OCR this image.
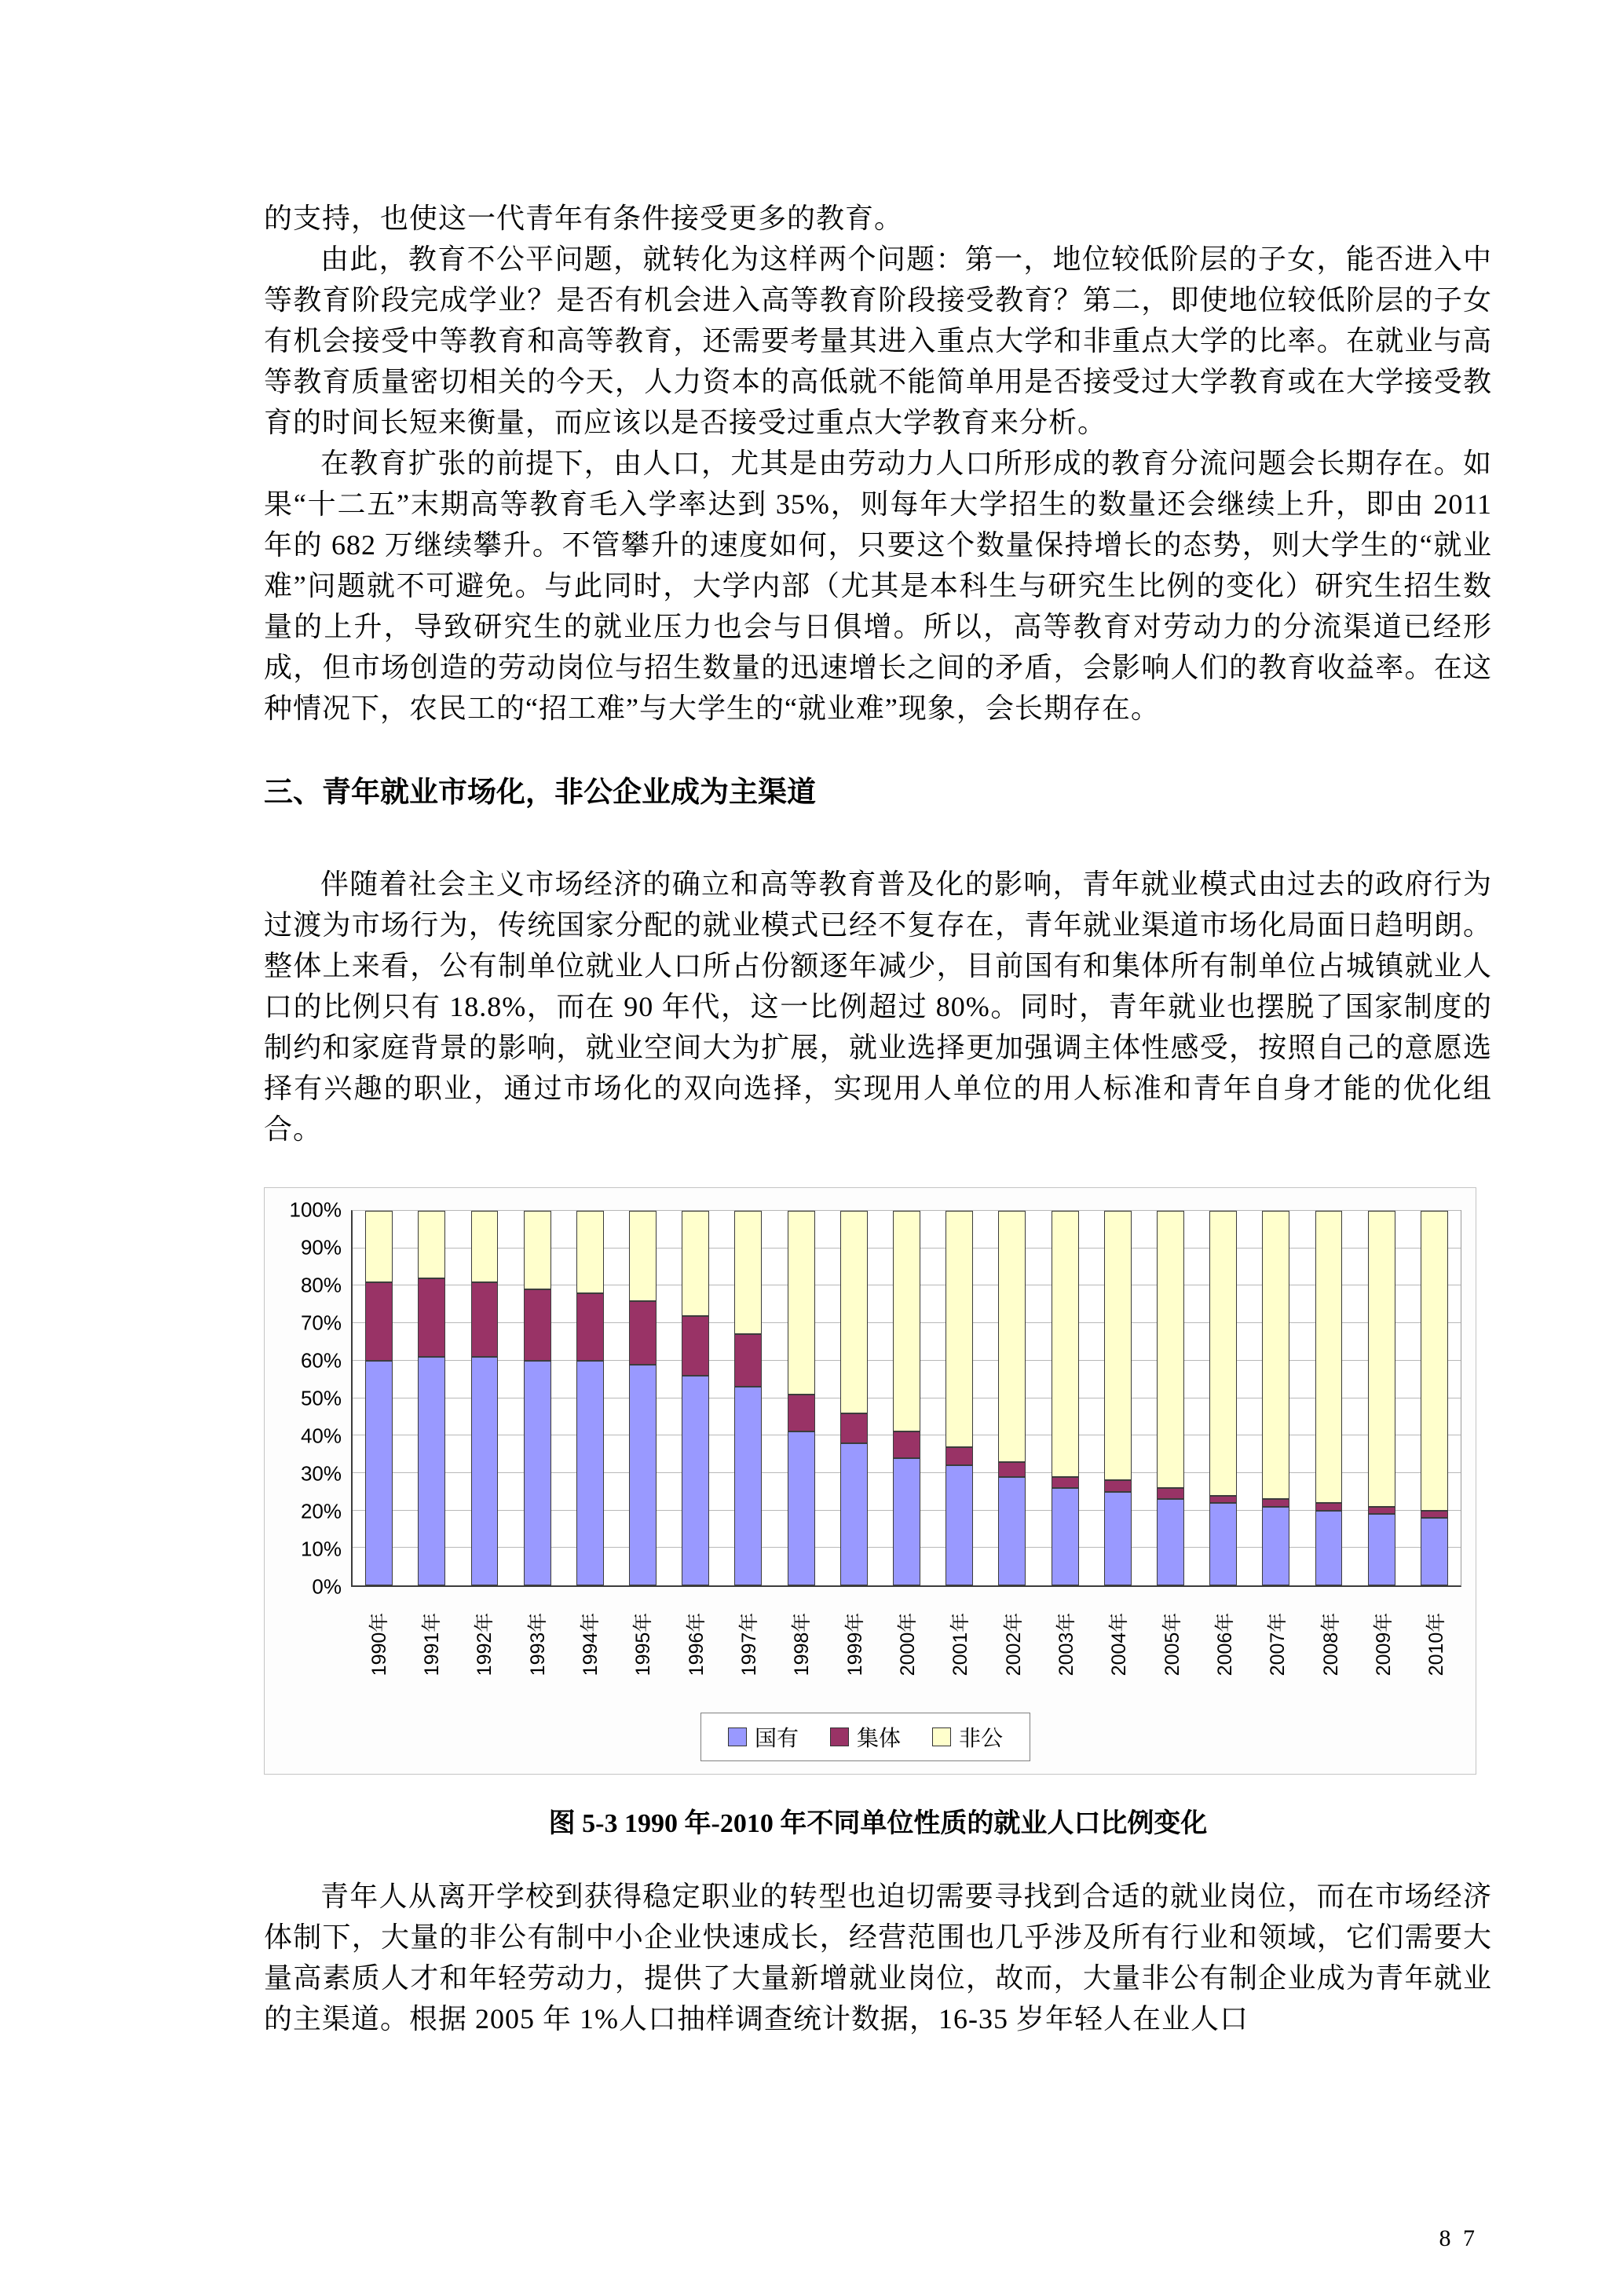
的支持，也使这一代青年有条件接受更多的教育。

由此，教育不公平问题，就转化为这样两个问题：第一，地位较低阶层的子女，能否进入中等教育阶段完成学业？是否有机会进入高等教育阶段接受教育？第二，即使地位较低阶层的子女有机会接受中等教育和高等教育，还需要考量其进入重点大学和非重点大学的比率。在就业与高等教育质量密切相关的今天，人力资本的高低就不能简单用是否接受过大学教育或在大学接受教育的时间长短来衡量，而应该以是否接受过重点大学教育来分析。

在教育扩张的前提下，由人口，尤其是由劳动力人口所形成的教育分流问题会长期存在。如果“十二五”末期高等教育毛入学率达到 35%，则每年大学招生的数量还会继续上升，即由 2011 年的 682 万继续攀升。不管攀升的速度如何，只要这个数量保持增长的态势，则大学生的“就业难”问题就不可避免。与此同时，大学内部（尤其是本科生与研究生比例的变化）研究生招生数量的上升，导致研究生的就业压力也会与日俱增。所以，高等教育对劳动力的分流渠道已经形成，但市场创造的劳动岗位与招生数量的迅速增长之间的矛盾，会影响人们的教育收益率。在这种情况下，农民工的“招工难”与大学生的“就业难”现象，会长期存在。

三、青年就业市场化，非公企业成为主渠道

伴随着社会主义市场经济的确立和高等教育普及化的影响，青年就业模式由过去的政府行为过渡为市场行为，传统国家分配的就业模式已经不复存在，青年就业渠道市场化局面日趋明朗。整体上来看，公有制单位就业人口所占份额逐年减少，目前国有和集体所有制单位占城镇就业人口的比例只有 18.8%，而在 90 年代，这一比例超过 80%。同时，青年就业也摆脱了国家制度的制约和家庭背景的影响，就业空间大为扩展，就业选择更加强调主体性感受，按照自己的意愿选择有兴趣的职业，通过市场化的双向选择，实现用人单位的用人标准和青年自身才能的优化组合。

0%
10%
20%
30%
40%
50%
60%
70%
80%
90%
100%
1990年 1991年 1992年 1993年 1994年 1995年 1996年 1997年 1998年 1999年 2000年 2001年 2002年 2003年 2004年 2005年 2006年 2007年 2008年 2009年 2010年
国有	集体	非公
图 5-3 1990 年-2010 年不同单位性质的就业人口比例变化

青年人从离开学校到获得稳定职业的转型也迫切需要寻找到合适的就业岗位，而在市场经济体制下，大量的非公有制中小企业快速成长，经营范围也几乎涉及所有行业和领域，它们需要大量高素质人才和年轻劳动力，提供了大量新增就业岗位，故而，大量非公有制企业成为青年就业的主渠道。根据 2005 年 1%人口抽样调查统计数据，16-35 岁年轻人在业人口

8 7
